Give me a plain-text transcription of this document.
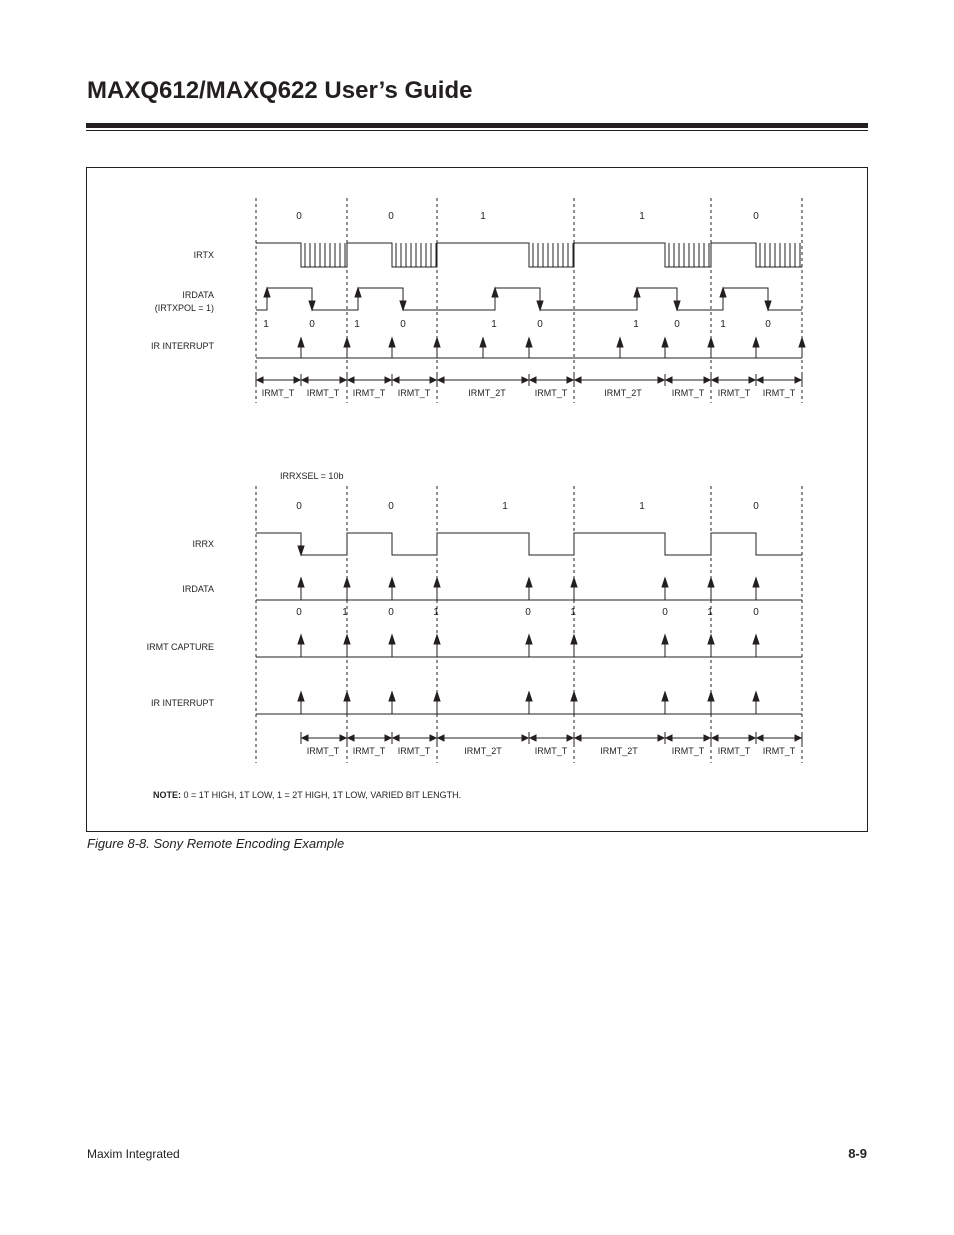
MAXQ612/MAXQ622 User’s Guide
0	0	1	1	0
IRTX
IRDATA
(IRTXPOL = 1)
IR INTERRUPT
1	0	1	0	1	0	1	0	1	0
IRMT_T IRMT_T IRMT_T IRMT_T	IRMT_2T	IRMT_T	IRMT_2T	IRMT_T IRMT_T IRMT_T
IRRXSEL = 10b
0	0	1	1	0
IRRX
IRDATA
IRMT CAPTURE
IR INTERRUPT
0	1	0	1	0	1	0	1	0
IRMT_T IRMT_T IRMT_T	IRMT_2T	IRMT_T	IRMT_2T	IRMT_T IRMT_T IRMT_T
NOTE: 0 = 1T HIGH, 1T LOW, 1 = 2T HIGH, 1T LOW, VARIED BIT LENGTH.
Figure 8-8. Sony Remote Encoding Example
Maxim Integrated	8-9
